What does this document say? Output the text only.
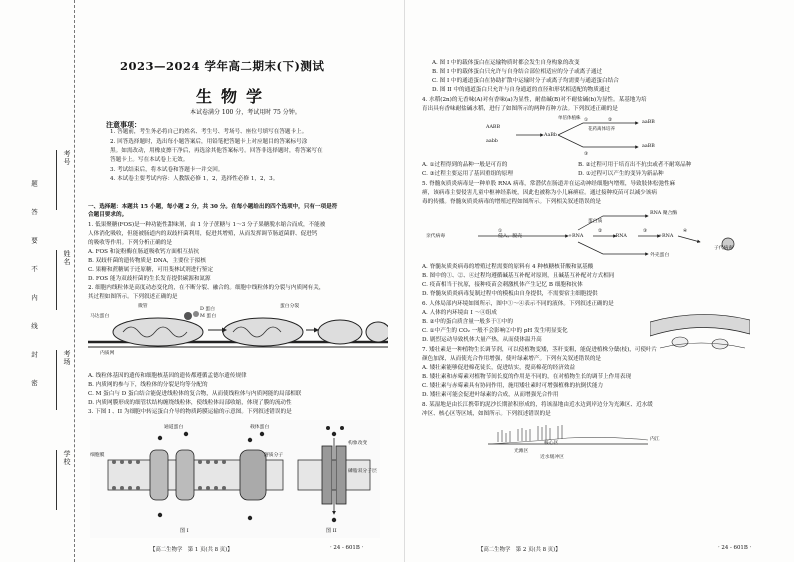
考号
姓名
考场
学校
题答要不内线封密
2023—2024 学年高二期末(下)测试
生物学
本试卷满分 100 分，考试用时 75 分钟。
注意事项：
1. 答题前，考生务必将自己的姓名、考生号、考场号、座位号填写在答题卡上。
2. 回答选择题时，选出每小题答案后，用铅笔把答题卡上对应题目的答案标号涂
黑。如需改动，用橡皮擦干净后，再选涂其他答案标号。回答非选择题时，将答案写在
答题卡上。写在本试卷上无效。
3. 考试结束后，将本试卷和答题卡一并交回。
4. 本试卷主要考试内容：人教版必修 1，2，选择性必修 1，2，3。
一、选择题：本题共 15 小题，每小题 2 分，共 30 分。在每小题给出的四个选项中，只有一项是符
合题目要求的。
1. 低果聚糖(FOS)是一种功能性甜味剂，由 1 分子蔗糖与 1～3 分子果糖脱水缩合而成，不能被
人体消化吸收，但能被肠道内的双歧杆菌利用，促进其增殖，从而发挥调节肠道菌群、促进钙
的吸收等作用。下列分析正确的是
A. FOS 和淀粉酶在肠道吸收钙方面相互拮抗
B. 双歧杆菌的遗传物质是 DNA，主要位于拟核
C. 果糖和蔗糖属于还原糖，可用斐林试剂进行鉴定
D. FOS 能为双歧杆菌的生长发育提供碳源和氮源
2. 细胞内线粒体是高度动态变化的，在不断分裂、融合的。细胞中线粒体的分裂与内质网有关，
其过程如图所示。下列叙述正确的是
马达蛋白
微管
内质网
蛋白分裂
D 蛋白
M 蛋白
A. 线粒体基因的遗传和细胞核基因的遗传都遵循孟德尔遗传规律
B. 内质网的参与下，线粒体的分裂是均等分配的
C. M 蛋白与 D 蛋白结合能促进线粒体的复合物，从而使线粒体与内质网能的局部相联
D. 内质网膜形成的细管状结构缠绕线粒体，使线粒体局部收缩，体现了膜的流动性
3. 下图 I 、II 为细胞中转运蛋白介导的物质跨膜运输的示意图。下列叙述错误的是
细胞膜
通道蛋白	载体蛋白
溶质分子
图 I	图 II
磷脂双分子层
构象改变
【高二生物学　第 1 页(共 8 页)】	· 24 - 601B ·
A. 图 I 中的载体蛋白在运输物质时都会发生自身构象的改变
B. 图 I 中的载体蛋白只允许与自身结合部位相适应的分子或离子通过
C. 图 I 中的通道蛋白在协助扩散中运输时分子或离子均需要与通道蛋白结合
D. 图 II 中的通道蛋白只允许与自身通道的直径和形状相适配的物质通过
4. 水稻(2n)的无香味(A)对有香味(a)为显性，耐盐碱(B)对不耐盐碱(b)为显性。某基地为培
育出具有香味耐盐碱水稻，进行了如图所示的两种育种方法。下列叙述正确的是
①	②
③
AABB
aabb
AaBb
单倍体植株
aaBB
aaBB
花药离体培养
A. ①过程得到的品种一般是可育的	B. ②过程可用于培育出不抗虫或者不耐寒品种
C. ③过程主要运用了基因重组的原理	D. ①过程可以产生的变异为新品种
5. 脊髓灰质炎病毒是一种单股 RNA 病毒，常潜伏在肠道并在运动神经细胞内增殖，导致肢体松弛性麻
痹，该病毒主要侵害儿童中枢神经系统，因此也被称为小儿麻痹症。通过接种疫苗可以减少该病
毒的传播。脊髓灰质炎病毒的增殖过程如图所示。下列相关叙述错误的是
①	②	③	④
亲代病毒	侵入、脱壳	+RNA	-RNA	+RNA
子代病毒
RNA 聚合酶
蛋白质
外壳蛋白
A. 脊髓灰质炎病毒的增殖过程需要的原料有 4 种核糖核苷酸和氨基酸
B. 图中的①、②、④过程均遵循碱基互补配对原则，且碱基互补配对方式相同
C. 疫苗相当于抗原，接种疫苗会刺激机体产生记忆 B 细胞和抗体
D. 脊髓灰质炎病毒复制过程中的模板由自身提供，不需要宿主细胞提供
6. 人体局部内环境如图所示，图中①～④表示不同的液体。下列叙述正确的是
A. 人体的内环境由 I ～④组成
B. ②中的蛋白质含量一般多于①中的
C. ①中产生的 CO₂ 一般不会影响②中的 pH 发生明显变化
D. 剧烈运动导致机体大量产热，从而使体温升高
7. 矮壮素是一种植物生长调节剂，可以使植物变矮，茎秆变粗，能促进植株分蘖(枝)，可使叶片
颜色加深，从而使光合作用增强，使叶绿素增产。下列有关叙述错误的是
A. 矮壮素能够促进棉花徒长，促进结实，提高棉花的经济效益
B. 矮壮素和赤霉素对植物节间长度的作用是不同的，在对植物生长的调节上作用表现
C. 矮壮素与赤霉素具有协同作用，施用矮壮素时可增强植株的抗倒伏能力
D. 矮壮素可能会促进叶绿素的合成，从而增强光合作用
8. 某湿地是由长江携带的泥沙长期淤积形成的，将该湿地由近水边到岸边分为光滩区、近水缓
冲区、核心区等区域，如图所示。下列叙述错误的是
光滩区
近水缓冲区
核心区
内江
【高二生物学　第 2 页(共 8 页)】	· 24 - 601B ·
